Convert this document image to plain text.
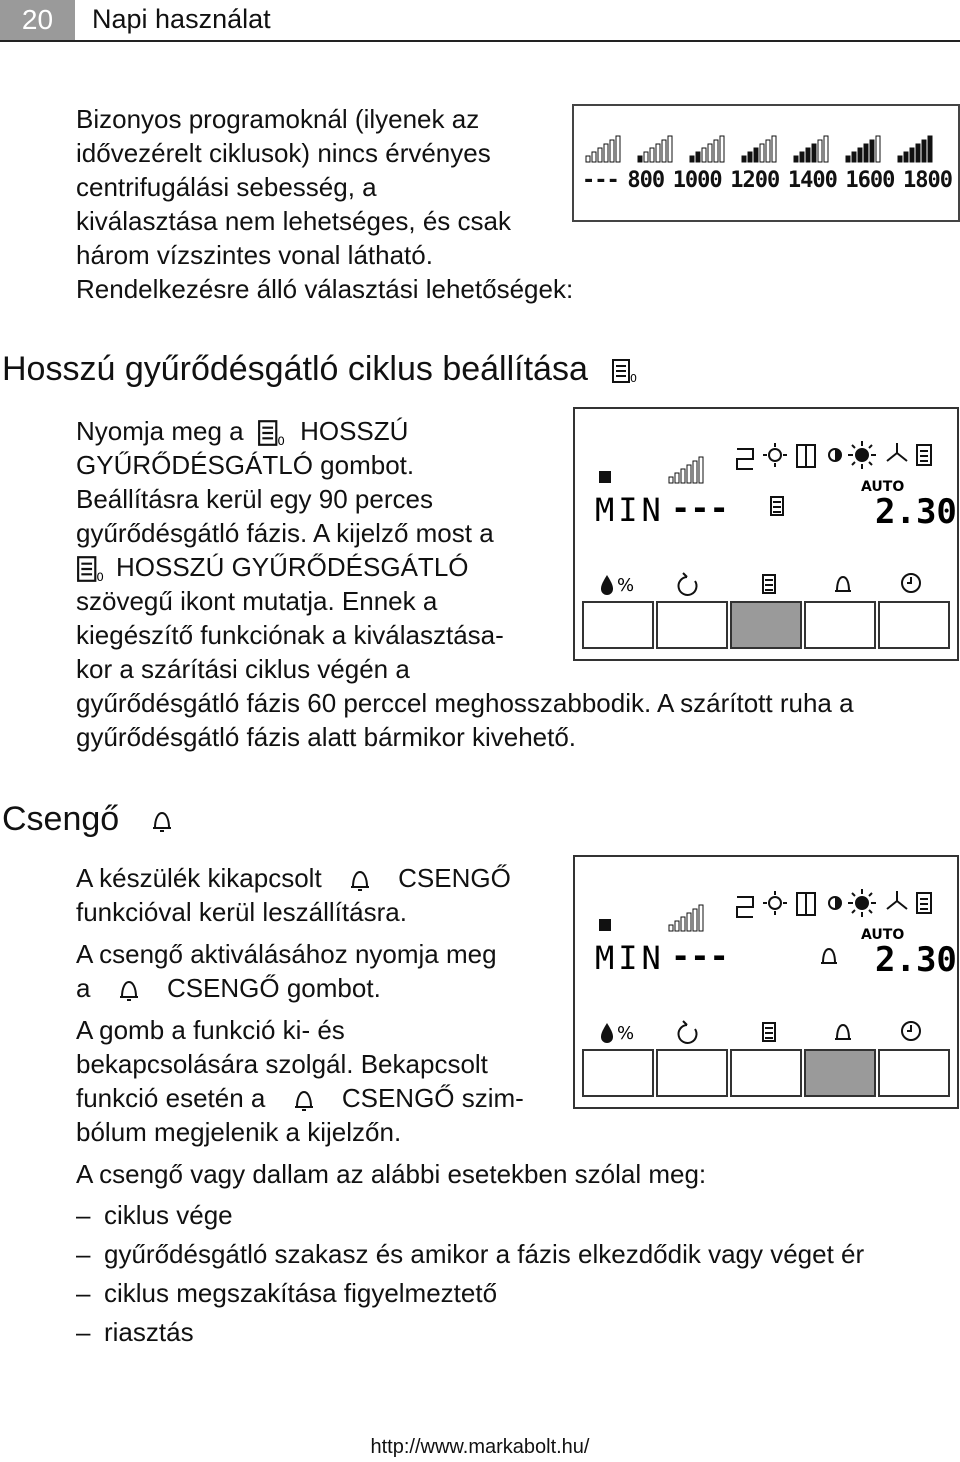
20	Napi használat
Bizonyos programoknál (ilyenek az
idővezérelt ciklusok) nincs érvényes
centrifugálási sebesség, a
kiválasztása nem lehetséges, és csak
három vízszintes vonal látható.
Rendelkezésre álló választási lehetőségek:
--- 800 1000 1200 1400 1600 1800
Hosszú gyűrődésgátló ciklus beállítása	0
Nyomja meg a	0 HOSSZÚ
GYŰRŐDÉSGÁTLÓ gombot.
Beállításra kerül egy 90 perces
gyűrődésgátló fázis. A kijelző most a
0 HOSSZÚ GYŰRŐDÉSGÁTLÓ
szövegű ikont mutatja. Ennek a
kiegészítő funkciónak a kiválasztása-
kor a szárítási ciklus végén a
gyűrődésgátló fázis 60 perccel meghosszabbodik. A szárított ruha a
gyűrődésgátló fázis alatt bármikor kivehető.
AUTO
MIN ---	2.30
%
Csengő
A készülék kikapcsolt	CSENGŐ
funkcióval kerül leszállításra.
A csengő aktiválásához nyomja meg
a	CSENGŐ gombot.
A gomb a funkció ki- és
bekapcsolására szolgál. Bekapcsolt
funkció esetén a	CSENGŐ szim-
bólum megjelenik a kijelzőn.
A csengő vagy dallam az alábbi esetekben szólal meg:
– ciklus vége
– gyűrődésgátló szakasz és amikor a fázis elkezdődik vagy véget ér
– ciklus megszakítása figyelmeztető
– riasztás
AUTO
MIN ---	2.30
%
http://www.markabolt.hu/
